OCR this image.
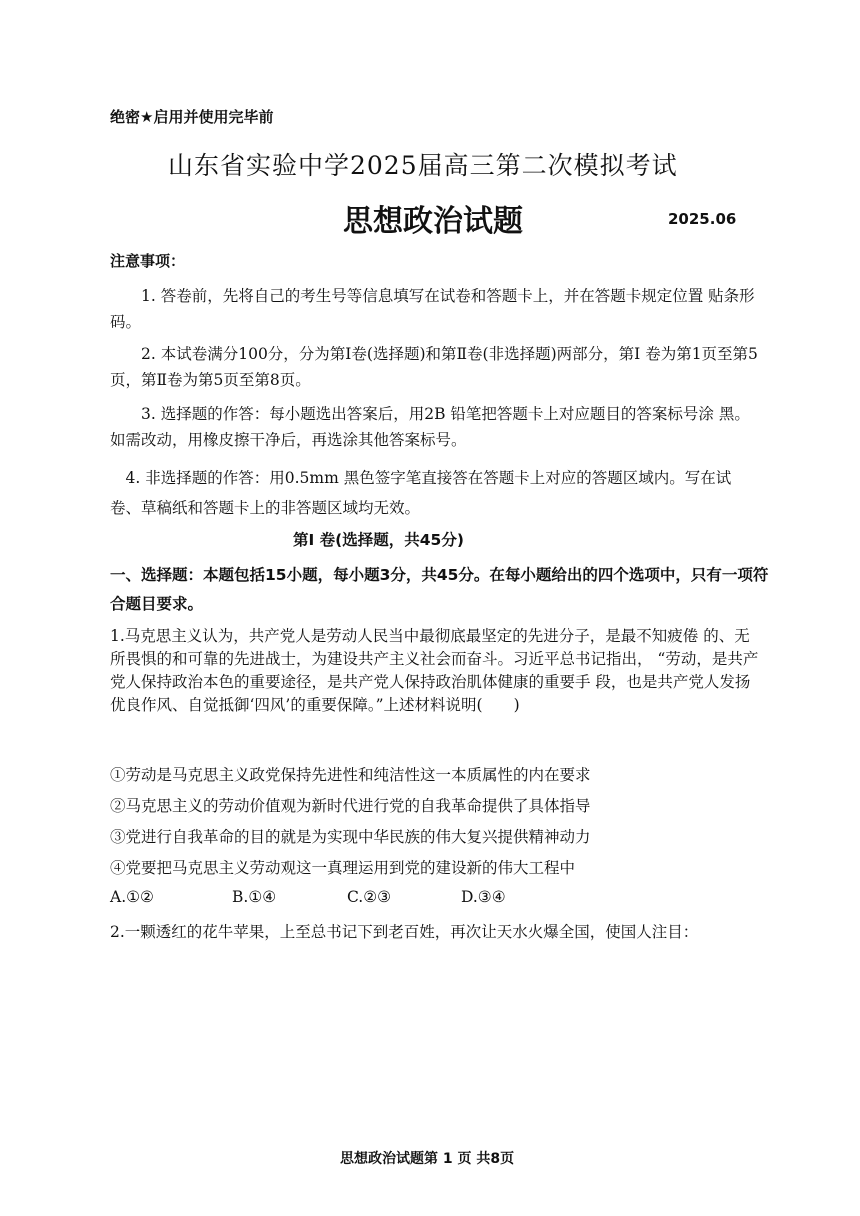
绝密★启用并使用完毕前
山东省实验中学2025届高三第二次模拟考试
思想政治试题	2025.06
注意事项：
1. 答卷前，先将自己的考生号等信息填写在试卷和答题卡上，并在答题卡规定位置 贴条形码。
2. 本试卷满分100分，分为第Ⅰ卷(选择题)和第Ⅱ卷(非选择题)两部分，第Ⅰ 卷为第1页至第5页，第Ⅱ卷为第5页至第8页。
3. 选择题的作答：每小题选出答案后，用2B 铅笔把答题卡上对应题目的答案标号涂 黑。如需改动，用橡皮擦干净后，再选涂其他答案标号。
4. 非选择题的作答：用0.5mm 黑色签字笔直接答在答题卡上对应的答题区域内。写在试卷、草稿纸和答题卡上的非答题区域均无效。
第I 卷(选择题，共45分)
一、选择题：本题包括15小题，每小题3分，共45分。在每小题给出的四个选项中，只有一项符合题目要求。
1.马克思主义认为，共产党人是劳动人民当中最彻底最坚定的先进分子，是最不知疲倦 的、无所畏惧的和可靠的先进战士，为建设共产主义社会而奋斗。习近平总书记指出， “劳动，是共产党人保持政治本色的重要途径，是共产党人保持政治肌体健康的重要手 段，也是共产党人发扬优良作风、自觉抵御‘四风’的重要保障。”上述材料说明(　　)
①劳动是马克思主义政党保持先进性和纯洁性这一本质属性的内在要求
②马克思主义的劳动价值观为新时代进行党的自我革命提供了具体指导
③党进行自我革命的目的就是为实现中华民族的伟大复兴提供精神动力
④党要把马克思主义劳动观这一真理运用到党的建设新的伟大工程中
A.①②	B.①④	C.②③	D.③④
2.一颗透红的花牛苹果，上至总书记下到老百姓，再次让天水火爆全国，使国人注目：
思想政治试题第 1 页 共8页
